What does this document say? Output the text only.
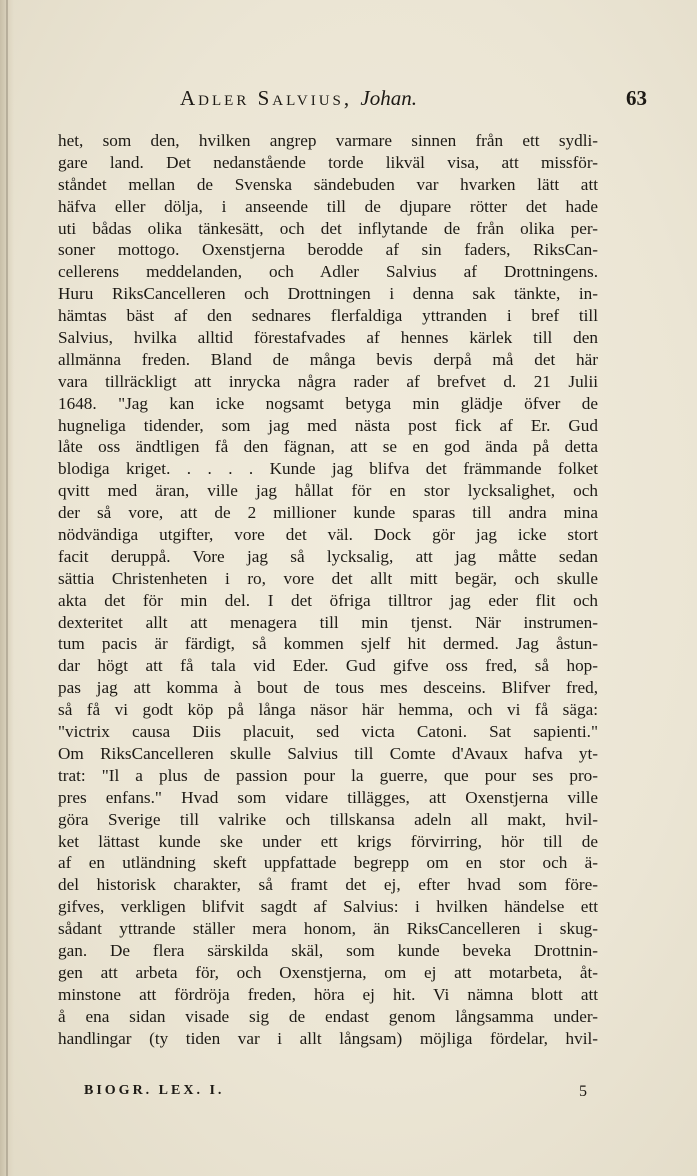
Adler Salvius, Johan.	63
het, som den, hvilken angrep varmare sinnen från ett sydli-
gare land. Det nedanstående torde likväl visa, att missför-
ståndet mellan de Svenska sändebuden var hvarken lätt att
häfva eller dölja, i anseende till de djupare rötter det hade
uti bådas olika tänkesätt, och det inflytande de från olika per-
soner mottogo. Oxenstjerna berodde af sin faders, RiksCan-
cellerens meddelanden, och Adler Salvius af Drottningens.
Huru RiksCancelleren och Drottningen i denna sak tänkte, in-
hämtas bäst af den sednares flerfaldiga yttranden i bref till
Salvius, hvilka alltid förestafvades af hennes kärlek till den
allmänna freden. Bland de många bevis derpå må det här
vara tillräckligt att inrycka några rader af brefvet d. 21 Julii
1648. "Jag kan icke nogsamt betyga min glädje öfver de
hugneliga tidender, som jag med nästa post fick af Er. Gud
låte oss ändtligen få den fägnan, att se en god ända på detta
blodiga kriget. . . . . Kunde jag blifva det främmande folket
qvitt med äran, ville jag hållat för en stor lycksalighet, och
der så vore, att de 2 millioner kunde sparas till andra mina
nödvändiga utgifter, vore det väl. Dock gör jag icke stort
facit deruppå. Vore jag så lycksalig, att jag måtte sedan
sättia Christenheten i ro, vore det allt mitt begär, och skulle
akta det för min del. I det öfriga tilltror jag eder flit och
dexteritet allt att menagera till min tjenst. När instrumen-
tum pacis är färdigt, så kommen sjelf hit dermed. Jag åstun-
dar högt att få tala vid Eder. Gud gifve oss fred, så hop-
pas jag att komma à bout de tous mes desceins. Blifver fred,
så få vi godt köp på långa näsor här hemma, och vi få säga:
"victrix causa Diis placuit, sed victa Catoni. Sat sapienti."
Om RiksCancelleren skulle Salvius till Comte d'Avaux hafva yt-
trat: "Il a plus de passion pour la guerre, que pour ses pro-
pres enfans." Hvad som vidare tillägges, att Oxenstjerna ville
göra Sverige till valrike och tillskansa adeln all makt, hvil-
ket lättast kunde ske under ett krigs förvirring, hör till de
af en utländning skeft uppfattade begrepp om en stor och ä-
del historisk charakter, så framt det ej, efter hvad som före-
gifves, verkligen blifvit sagdt af Salvius: i hvilken händelse ett
sådant yttrande ställer mera honom, än RiksCancelleren i skug-
gan. De flera särskilda skäl, som kunde beveka Drottnin-
gen att arbeta för, och Oxenstjerna, om ej att motarbeta, åt-
minstone att fördröja freden, höra ej hit. Vi nämna blott att
å ena sidan visade sig de endast genom långsamma under-
handlingar (ty tiden var i allt långsam) möjliga fördelar, hvil-
BIOGR. LEX. I.	5
